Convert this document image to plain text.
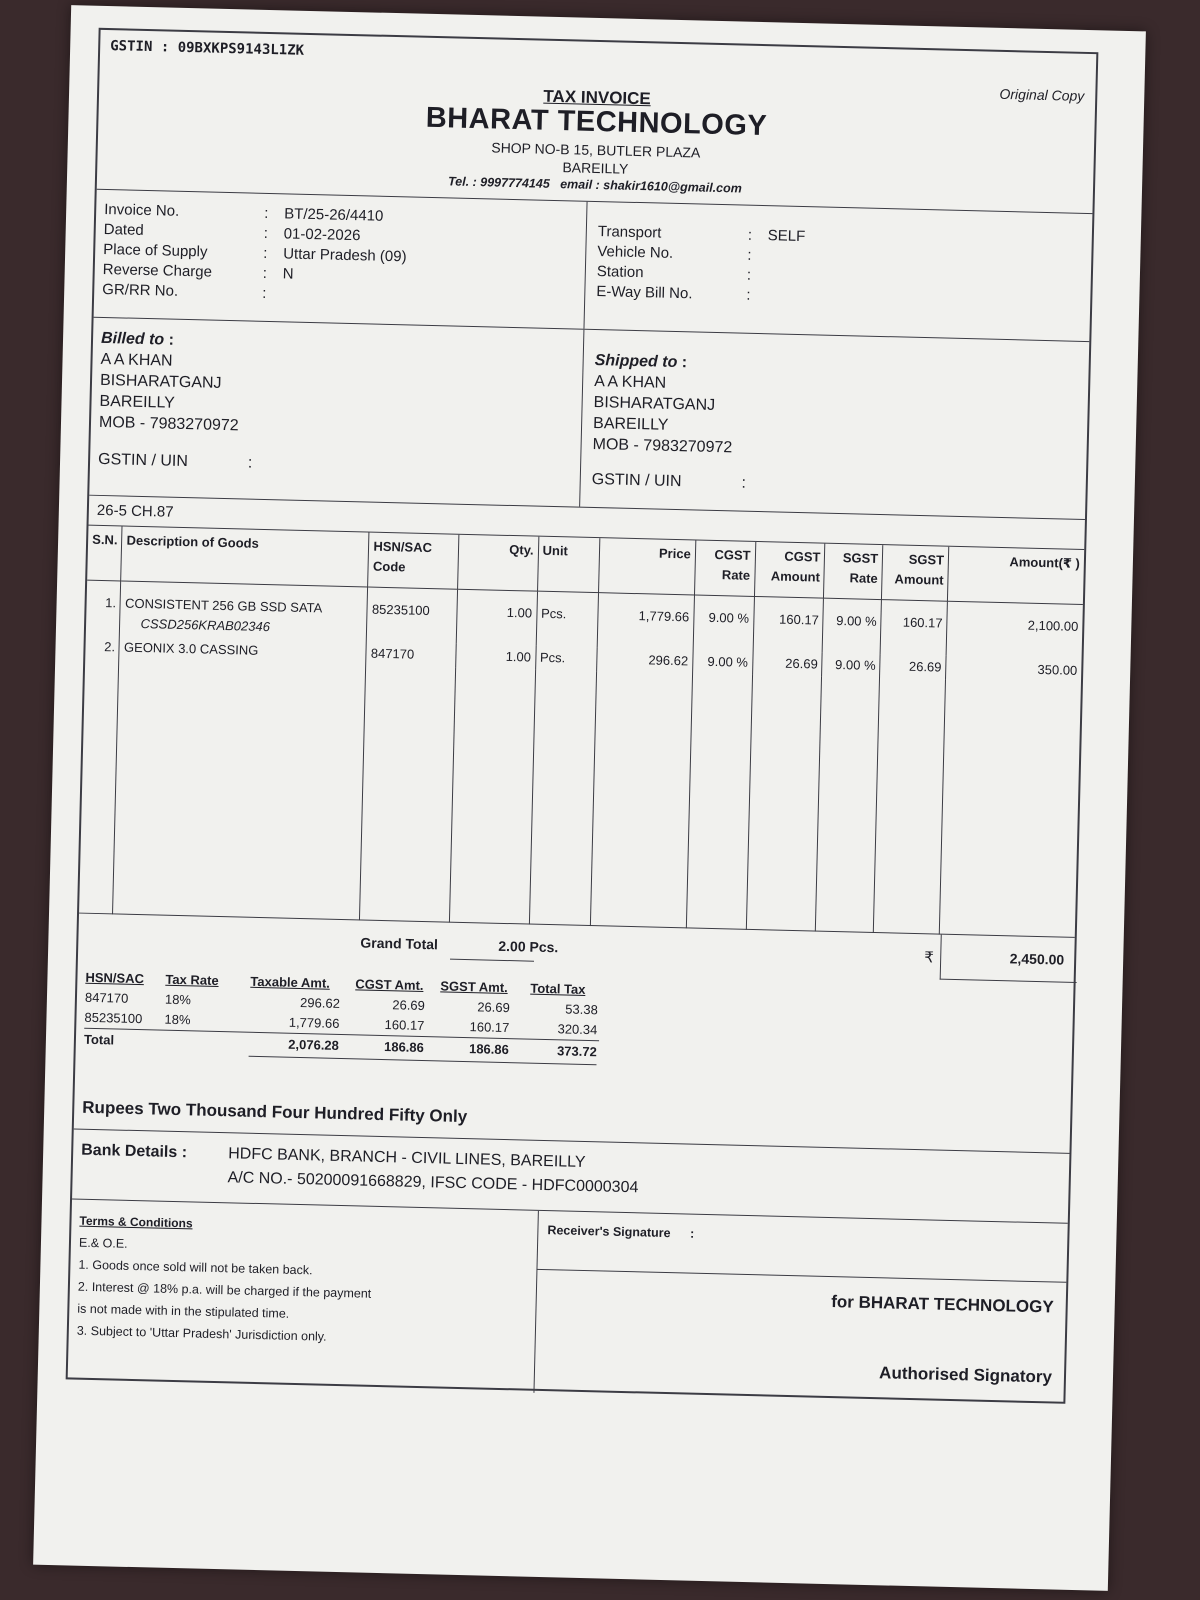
Original Copy
GSTIN : 09BXKPS9143L1ZK
TAX INVOICE
BHARAT TECHNOLOGY
SHOP NO-B 15, BUTLER PLAZA
BAREILLY
Tel. : 9997774145 email : shakir1610@gmail.com
Invoice No.	: BT/25-26/4410
Dated	: 01-02-2026
Place of Supply	: Uttar Pradesh (09)
Reverse Charge	: N
GR/RR No.	:
Transport	: SELF
Vehicle No.	:
Station	:
E-Way Bill No.	:
Billed to :
A A KHAN
BISHARATGANJ
BAREILLY
MOB - 7983270972
GSTIN / UIN	:
Shipped to :
A A KHAN
BISHARATGANJ
BAREILLY
MOB - 7983270972
GSTIN / UIN	:
26-5 CH.87
S.N.	Description of Goods	HSN/SAC Code	Qty.	Unit	Price	CGST Rate	CGST Amount	SGST Rate	SGST Amount	Amount(₹ )
1.	CONSISTENT 256 GB SSD SATA
CSSD256KRAB02346	85235100	1.00	Pcs.	1,779.66	9.00 %	160.17	9.00 %	160.17	2,100.00
2.	GEONIX 3.0 CASSING	847170	1.00	Pcs.	296.62	9.00 %	26.69	9.00 %	26.69	350.00

Grand Total	2.00 Pcs.
₹	2,450.00
HSN/SAC Tax Rate Taxable Amt. CGST Amt. SGST Amt. Total Tax
847170	18%	296.62	26.69	26.69	53.38
85235100 18%	1,779.66	160.17	160.17	320.34
Total	2,076.28	186.86	186.86	373.72
Rupees Two Thousand Four Hundred Fifty Only
Bank Details :	HDFC BANK, BRANCH - CIVIL LINES, BAREILLY
A/C NO.- 50200091668829, IFSC CODE - HDFC0000304
Terms & Conditions
E.& O.E.
1. Goods once sold will not be taken back.
2. Interest @ 18% p.a. will be charged if the payment
is not made with in the stipulated time.
3. Subject to 'Uttar Pradesh' Jurisdiction only.
Receiver's Signature :
for BHARAT TECHNOLOGY
Authorised Signatory
